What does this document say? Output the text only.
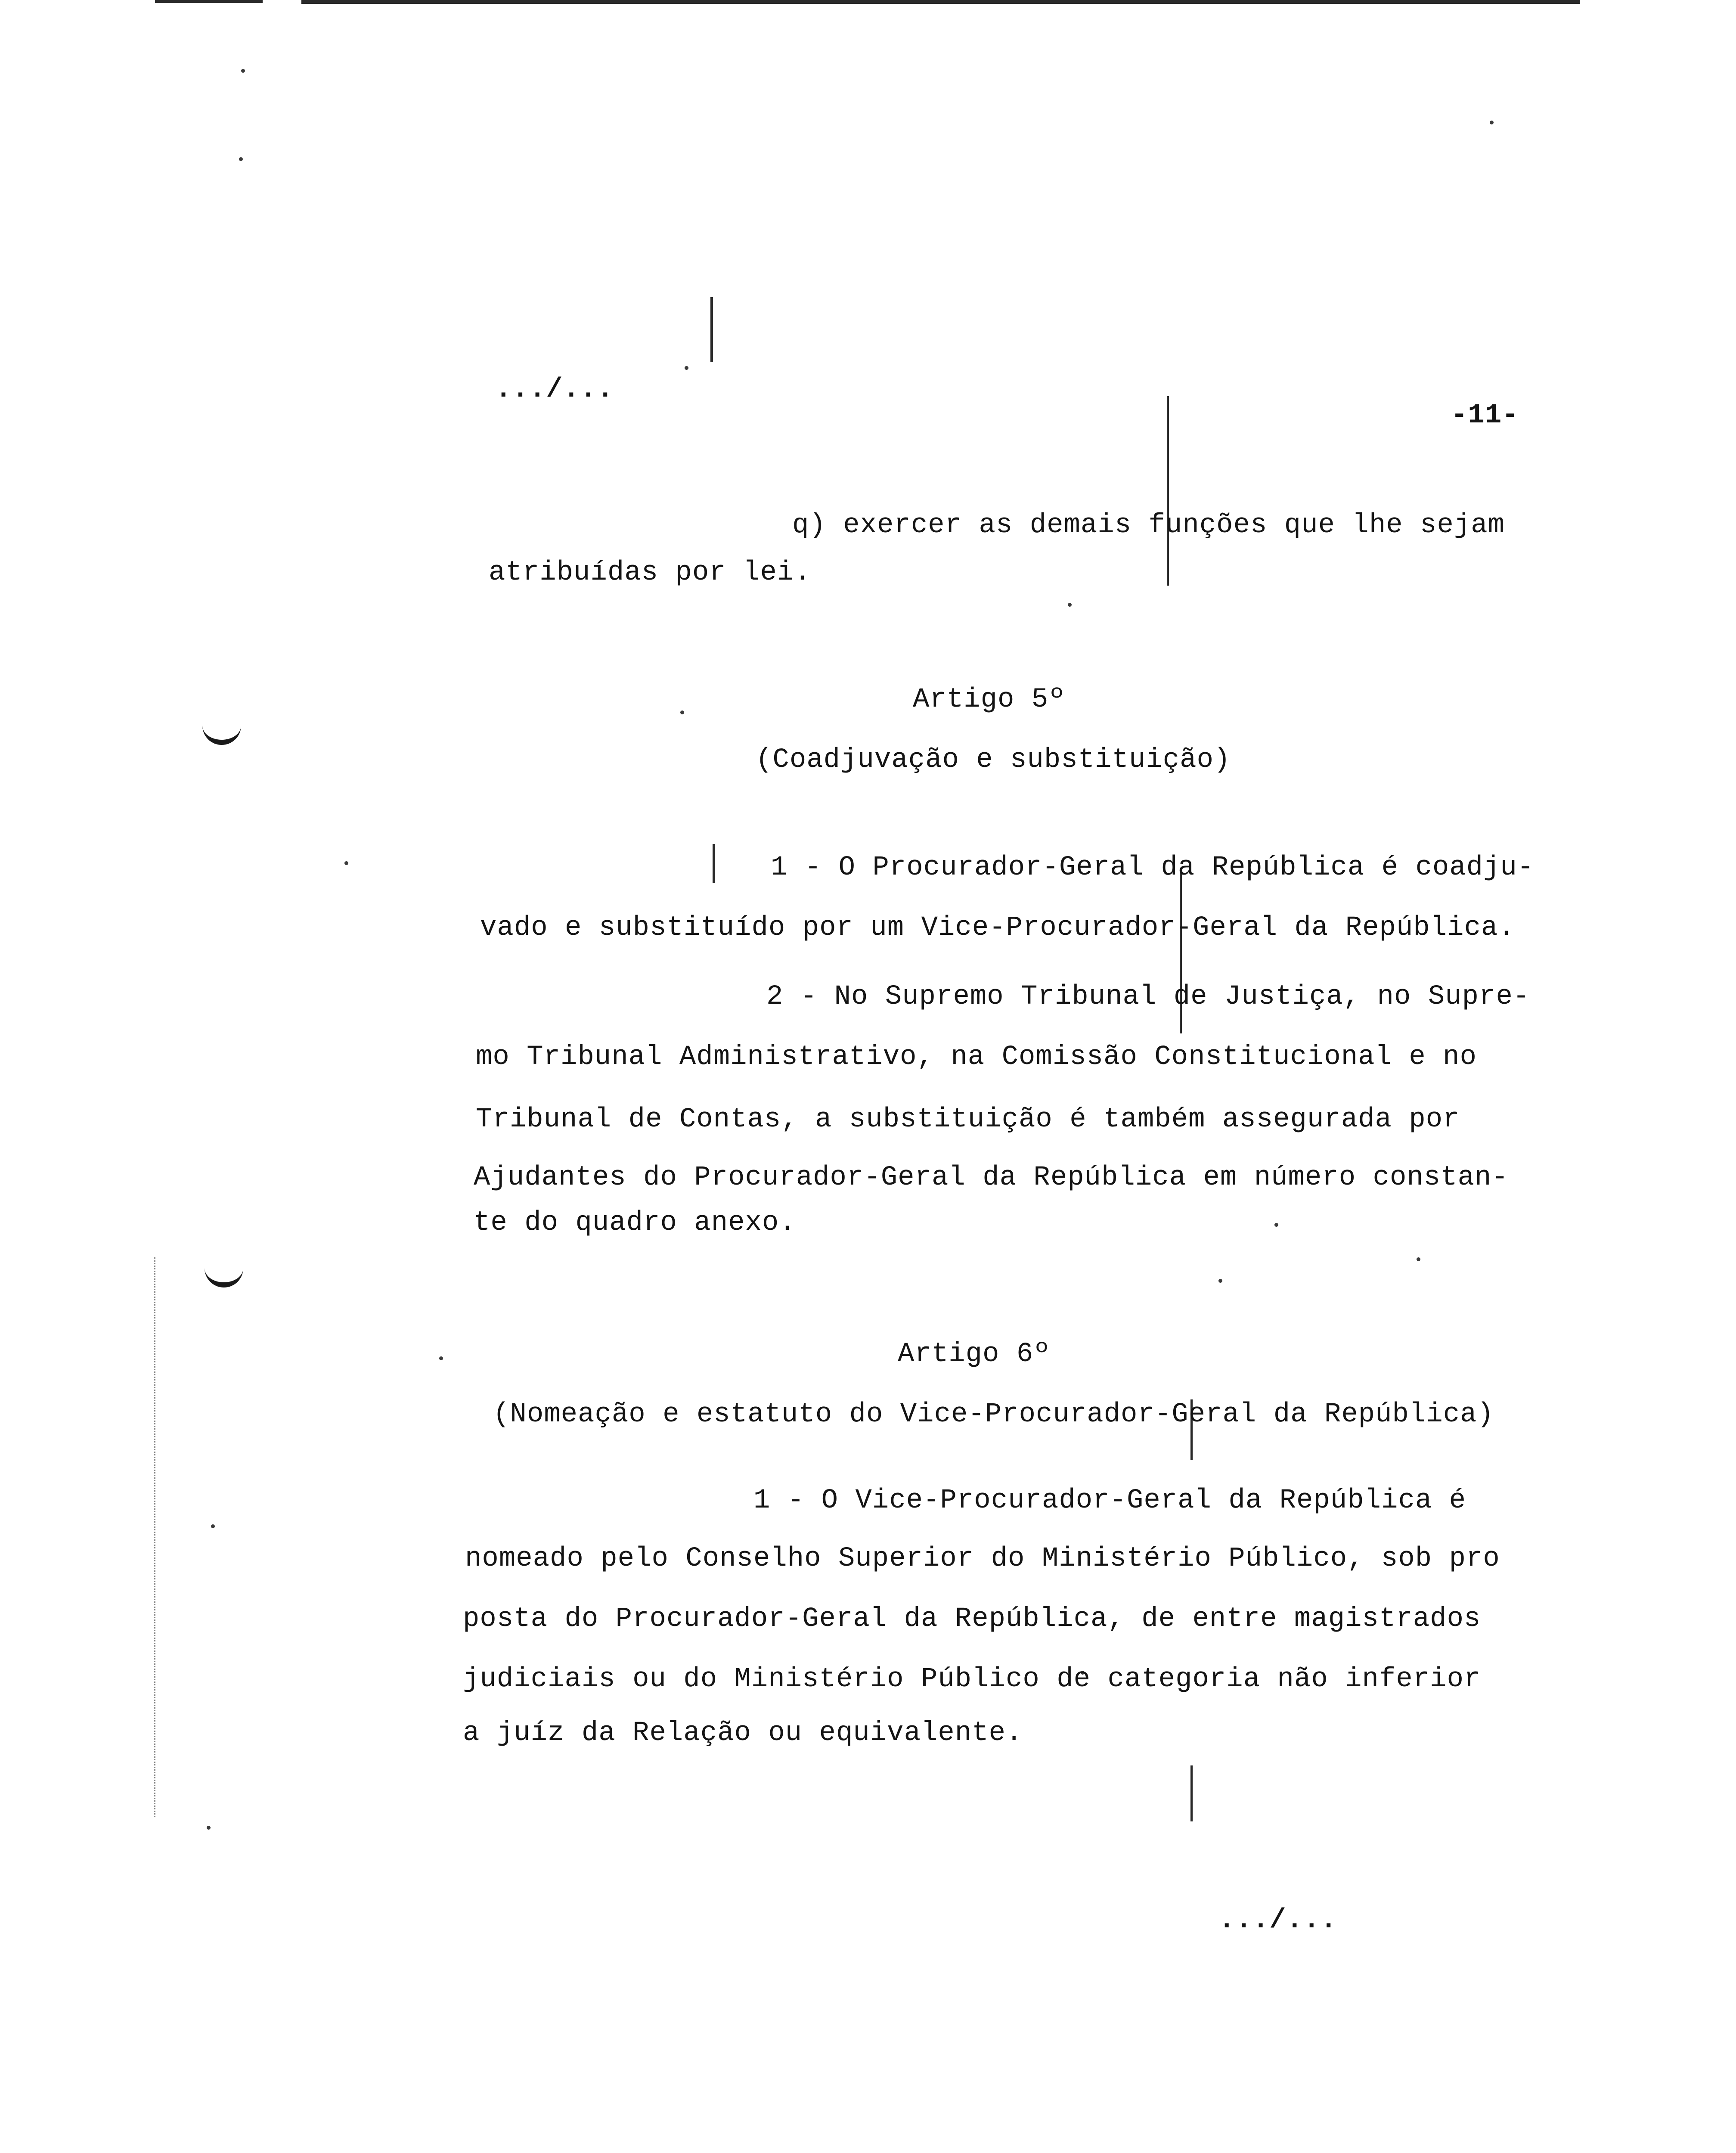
.../...
-11-
q) exercer as demais funções que lhe sejam
atribuídas por lei.
Artigo 5º
(Coadjuvação e substituição)
1 - O Procurador-Geral da República é coadju-
vado e substituído por um Vice-Procurador-Geral da República.
2 - No Supremo Tribunal de Justiça, no Supre-
mo Tribunal Administrativo, na Comissão Constitucional e no
Tribunal de Contas, a substituição é também assegurada por
Ajudantes do Procurador-Geral da República em número constan-
te do quadro anexo.
Artigo 6º
(Nomeação e estatuto do Vice-Procurador-Geral da República)
1 - O Vice-Procurador-Geral da República é
nomeado pelo Conselho Superior do Ministério Público, sob pro
posta do Procurador-Geral da República, de entre magistrados
judiciais ou do Ministério Público de categoria não inferior
a juíz da Relação ou equivalente.
.../...
